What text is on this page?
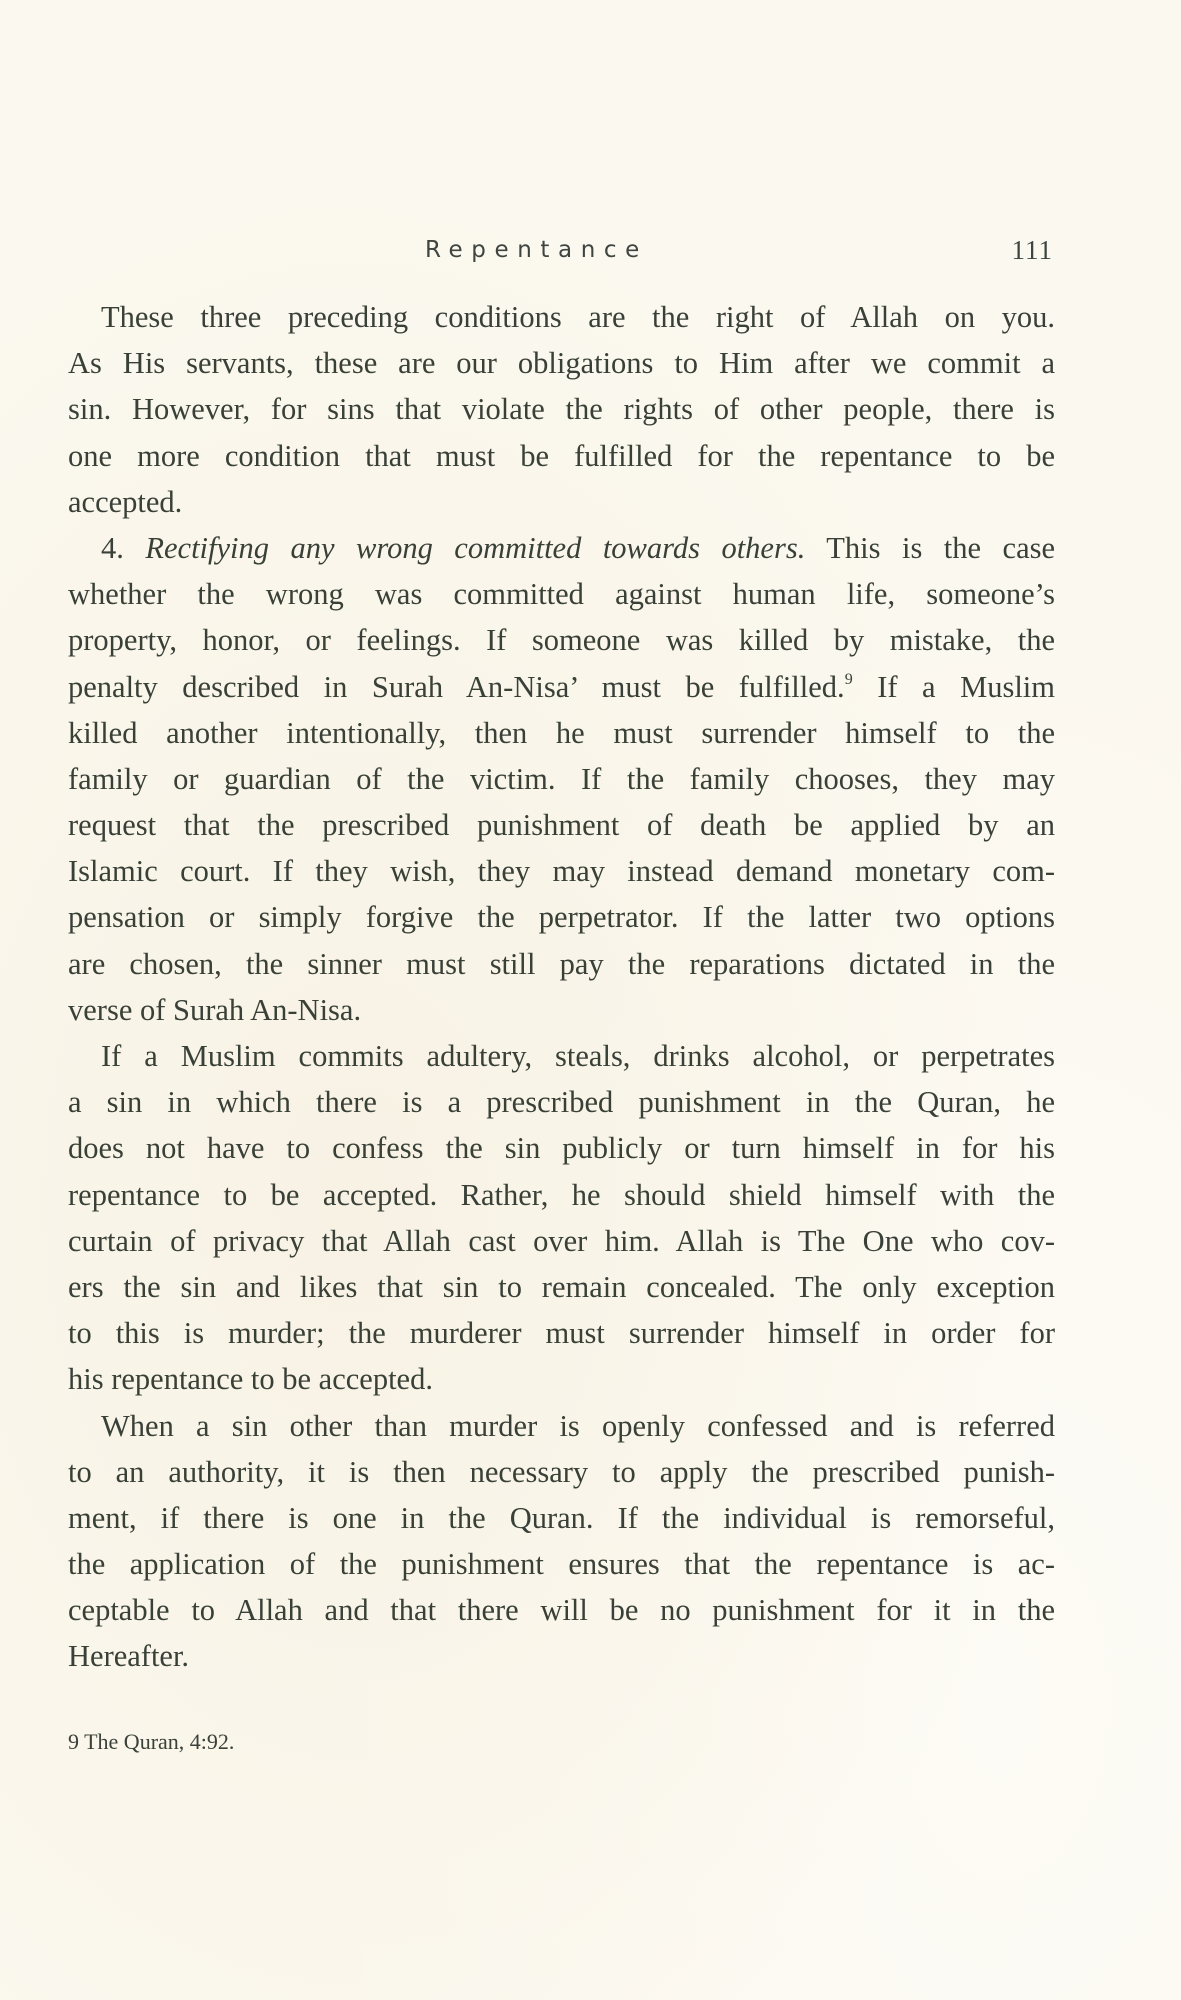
Repentance	111
These three preceding conditions are the right of Allah on you.
As His servants, these are our obligations to Him after we commit a
sin. However, for sins that violate the rights of other people, there is
one more condition that must be fulfilled for the repentance to be
accepted.
4. Rectifying any wrong committed towards others. This is the case
whether the wrong was committed against human life, someone’s
property, honor, or feelings. If someone was killed by mistake, the
penalty described in Surah An-Nisa’ must be fulfilled.$^9$ If a Muslim
killed another intentionally, then he must surrender himself to the
family or guardian of the victim. If the family chooses, they may
request that the prescribed punishment of death be applied by an
Islamic court. If they wish, they may instead demand monetary com-
pensation or simply forgive the perpetrator. If the latter two options
are chosen, the sinner must still pay the reparations dictated in the
verse of Surah An-Nisa.
If a Muslim commits adultery, steals, drinks alcohol, or perpetrates
a sin in which there is a prescribed punishment in the Quran, he
does not have to confess the sin publicly or turn himself in for his
repentance to be accepted. Rather, he should shield himself with the
curtain of privacy that Allah cast over him. Allah is The One who cov-
ers the sin and likes that sin to remain concealed. The only exception
to this is murder; the murderer must surrender himself in order for
his repentance to be accepted.
When a sin other than murder is openly confessed and is referred
to an authority, it is then necessary to apply the prescribed punish-
ment, if there is one in the Quran. If the individual is remorseful,
the application of the punishment ensures that the repentance is ac-
ceptable to Allah and that there will be no punishment for it in the
Hereafter.
9 The Quran, 4:92.
